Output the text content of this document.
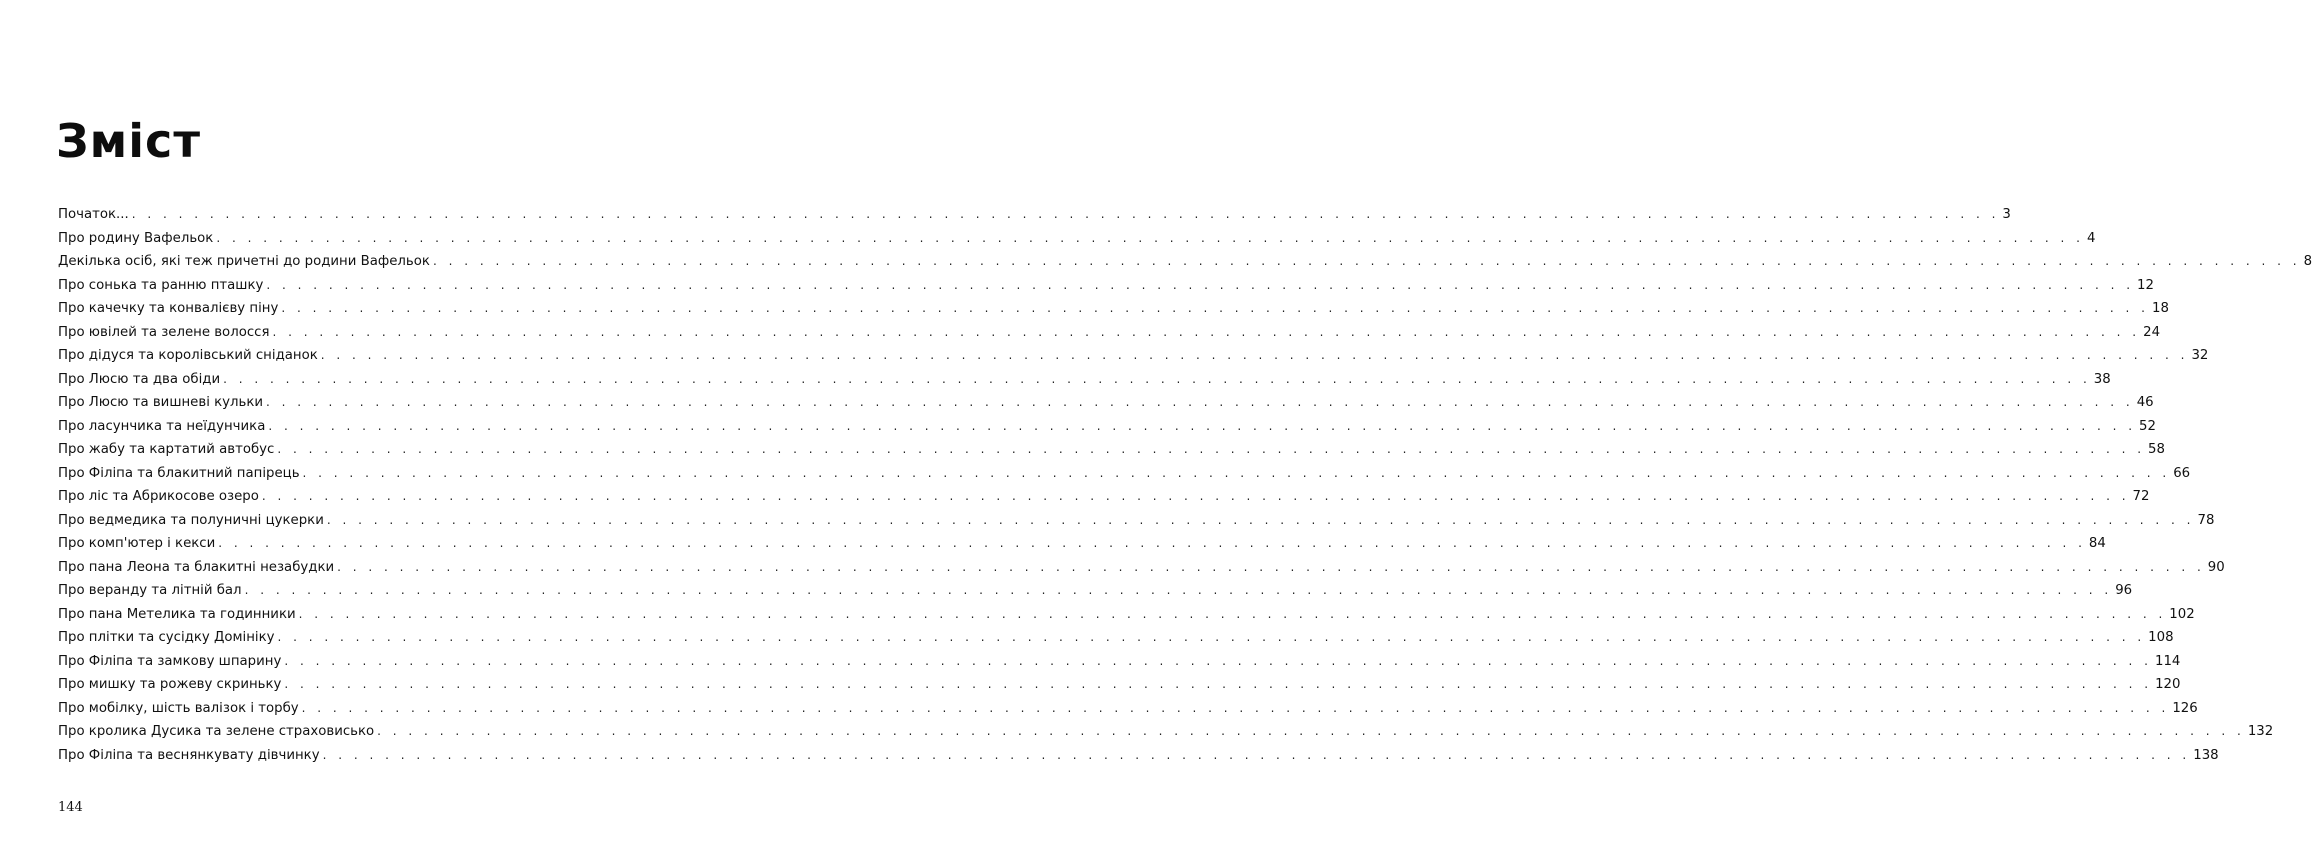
Зміст
Початок... . . . . . . . . . . . . . . . . . . . . . . . . . . . . . . . . . . . . . . . . . . . . . . . . . . . . . . . . . . . . . . . . . . . . . . . . . . . . . . . . . . . . . . . . . . . . . . . . . . . . . . . . . . . . . . . . . . . . . . . . 3
Про родину Вафельок . . . . . . . . . . . . . . . . . . . . . . . . . . . . . . . . . . . . . . . . . . . . . . . . . . . . . . . . . . . . . . . . . . . . . . . . . . . . . . . . . . . . . . . . . . . . . . . . . . . . . . . . . . . . . . . . . . . . . . . . 4
Декілька осіб, які теж причетні до родини Вафельок . . . . . . . . . . . . . . . . . . . . . . . . . . . . . . . . . . . . . . . . . . . . . . . . . . . . . . . . . . . . . . . . . . . . . . . . . . . . . . . . . . . . . . . . . . . . . . . . . . . . . . . . . . . . . . . . . . . . . . . . 8
Про сонька та ранню пташку . . . . . . . . . . . . . . . . . . . . . . . . . . . . . . . . . . . . . . . . . . . . . . . . . . . . . . . . . . . . . . . . . . . . . . . . . . . . . . . . . . . . . . . . . . . . . . . . . . . . . . . . . . . . . . . . . . . . . . . . 12
Про качечку та конвалієву піну . . . . . . . . . . . . . . . . . . . . . . . . . . . . . . . . . . . . . . . . . . . . . . . . . . . . . . . . . . . . . . . . . . . . . . . . . . . . . . . . . . . . . . . . . . . . . . . . . . . . . . . . . . . . . . . . . . . . . . . . 18
Про ювілей та зелене волосся . . . . . . . . . . . . . . . . . . . . . . . . . . . . . . . . . . . . . . . . . . . . . . . . . . . . . . . . . . . . . . . . . . . . . . . . . . . . . . . . . . . . . . . . . . . . . . . . . . . . . . . . . . . . . . . . . . . . . . . . 24
Про дідуся та королівський сніданок . . . . . . . . . . . . . . . . . . . . . . . . . . . . . . . . . . . . . . . . . . . . . . . . . . . . . . . . . . . . . . . . . . . . . . . . . . . . . . . . . . . . . . . . . . . . . . . . . . . . . . . . . . . . . . . . . . . . . . . . 32
Про Люсю та два обіди . . . . . . . . . . . . . . . . . . . . . . . . . . . . . . . . . . . . . . . . . . . . . . . . . . . . . . . . . . . . . . . . . . . . . . . . . . . . . . . . . . . . . . . . . . . . . . . . . . . . . . . . . . . . . . . . . . . . . . . . 38
Про Люсю та вишневі кульки . . . . . . . . . . . . . . . . . . . . . . . . . . . . . . . . . . . . . . . . . . . . . . . . . . . . . . . . . . . . . . . . . . . . . . . . . . . . . . . . . . . . . . . . . . . . . . . . . . . . . . . . . . . . . . . . . . . . . . . . 46
Про ласунчика та неїдунчика . . . . . . . . . . . . . . . . . . . . . . . . . . . . . . . . . . . . . . . . . . . . . . . . . . . . . . . . . . . . . . . . . . . . . . . . . . . . . . . . . . . . . . . . . . . . . . . . . . . . . . . . . . . . . . . . . . . . . . . . 52
Про жабу та картатий автобус . . . . . . . . . . . . . . . . . . . . . . . . . . . . . . . . . . . . . . . . . . . . . . . . . . . . . . . . . . . . . . . . . . . . . . . . . . . . . . . . . . . . . . . . . . . . . . . . . . . . . . . . . . . . . . . . . . . . . . . . 58
Про Філіпа та блакитний папірець . . . . . . . . . . . . . . . . . . . . . . . . . . . . . . . . . . . . . . . . . . . . . . . . . . . . . . . . . . . . . . . . . . . . . . . . . . . . . . . . . . . . . . . . . . . . . . . . . . . . . . . . . . . . . . . . . . . . . . . . 66
Про ліс та Абрикосове озеро . . . . . . . . . . . . . . . . . . . . . . . . . . . . . . . . . . . . . . . . . . . . . . . . . . . . . . . . . . . . . . . . . . . . . . . . . . . . . . . . . . . . . . . . . . . . . . . . . . . . . . . . . . . . . . . . . . . . . . . . 72
Про ведмедика та полуничні цукерки . . . . . . . . . . . . . . . . . . . . . . . . . . . . . . . . . . . . . . . . . . . . . . . . . . . . . . . . . . . . . . . . . . . . . . . . . . . . . . . . . . . . . . . . . . . . . . . . . . . . . . . . . . . . . . . . . . . . . . . . 78
Про комп'ютер і кекси . . . . . . . . . . . . . . . . . . . . . . . . . . . . . . . . . . . . . . . . . . . . . . . . . . . . . . . . . . . . . . . . . . . . . . . . . . . . . . . . . . . . . . . . . . . . . . . . . . . . . . . . . . . . . . . . . . . . . . . . 84
Про пана Леона та блакитні незабудки . . . . . . . . . . . . . . . . . . . . . . . . . . . . . . . . . . . . . . . . . . . . . . . . . . . . . . . . . . . . . . . . . . . . . . . . . . . . . . . . . . . . . . . . . . . . . . . . . . . . . . . . . . . . . . . . . . . . . . . . 90
Про веранду та літній бал . . . . . . . . . . . . . . . . . . . . . . . . . . . . . . . . . . . . . . . . . . . . . . . . . . . . . . . . . . . . . . . . . . . . . . . . . . . . . . . . . . . . . . . . . . . . . . . . . . . . . . . . . . . . . . . . . . . . . . . . 96
Про пана Метелика та годинники . . . . . . . . . . . . . . . . . . . . . . . . . . . . . . . . . . . . . . . . . . . . . . . . . . . . . . . . . . . . . . . . . . . . . . . . . . . . . . . . . . . . . . . . . . . . . . . . . . . . . . . . . . . . . . . . . . . . . . . . 102
Про плітки та сусідку Домініку . . . . . . . . . . . . . . . . . . . . . . . . . . . . . . . . . . . . . . . . . . . . . . . . . . . . . . . . . . . . . . . . . . . . . . . . . . . . . . . . . . . . . . . . . . . . . . . . . . . . . . . . . . . . . . . . . . . . . . . . 108
Про Філіпа та замкову шпарину . . . . . . . . . . . . . . . . . . . . . . . . . . . . . . . . . . . . . . . . . . . . . . . . . . . . . . . . . . . . . . . . . . . . . . . . . . . . . . . . . . . . . . . . . . . . . . . . . . . . . . . . . . . . . . . . . . . . . . . . 114
Про мишку та рожеву скриньку . . . . . . . . . . . . . . . . . . . . . . . . . . . . . . . . . . . . . . . . . . . . . . . . . . . . . . . . . . . . . . . . . . . . . . . . . . . . . . . . . . . . . . . . . . . . . . . . . . . . . . . . . . . . . . . . . . . . . . . . 120
Про мобілку, шість валізок і торбу . . . . . . . . . . . . . . . . . . . . . . . . . . . . . . . . . . . . . . . . . . . . . . . . . . . . . . . . . . . . . . . . . . . . . . . . . . . . . . . . . . . . . . . . . . . . . . . . . . . . . . . . . . . . . . . . . . . . . . . . 126
Про кролика Дусика та зелене страховисько . . . . . . . . . . . . . . . . . . . . . . . . . . . . . . . . . . . . . . . . . . . . . . . . . . . . . . . . . . . . . . . . . . . . . . . . . . . . . . . . . . . . . . . . . . . . . . . . . . . . . . . . . . . . . . . . . . . . . . . . 132
Про Філіпа та веснянкувату дівчинку . . . . . . . . . . . . . . . . . . . . . . . . . . . . . . . . . . . . . . . . . . . . . . . . . . . . . . . . . . . . . . . . . . . . . . . . . . . . . . . . . . . . . . . . . . . . . . . . . . . . . . . . . . . . . . . . . . . . . . . . 138
144
